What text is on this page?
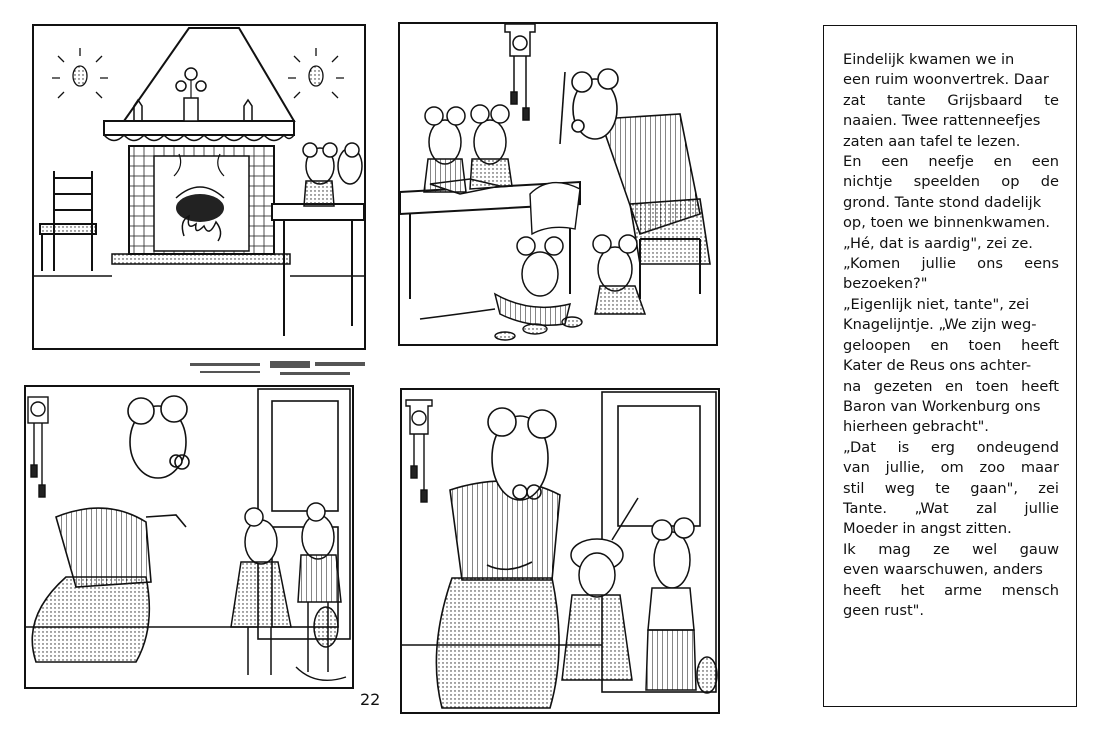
22

Eindelijk kwamen we in

een ruim woonvertrek. Daar

zat tante Grijsbaard te

naaien. Twee rattenneefjes

zaten aan tafel te lezen.

En een neefje en een

nichtje speelden op de

grond. Tante stond dadelijk

op, toen we binnenkwamen.

„Hé, dat is aardig", zei ze.

„Komen jullie ons eens

bezoeken?"

„Eigenlijk niet, tante", zei

Knagelijntje. „We zijn weg-

geloopen en toen heeft

Kater de Reus ons achter-

na gezeten en toen heeft

Baron van Workenburg ons

hierheen gebracht".

„Dat is erg ondeugend

van jullie, om zoo maar

stil weg te gaan", zei

Tante. „Wat zal jullie

Moeder in angst zitten.

Ik mag ze wel gauw

even waarschuwen, anders

heeft het arme mensch

geen rust".
